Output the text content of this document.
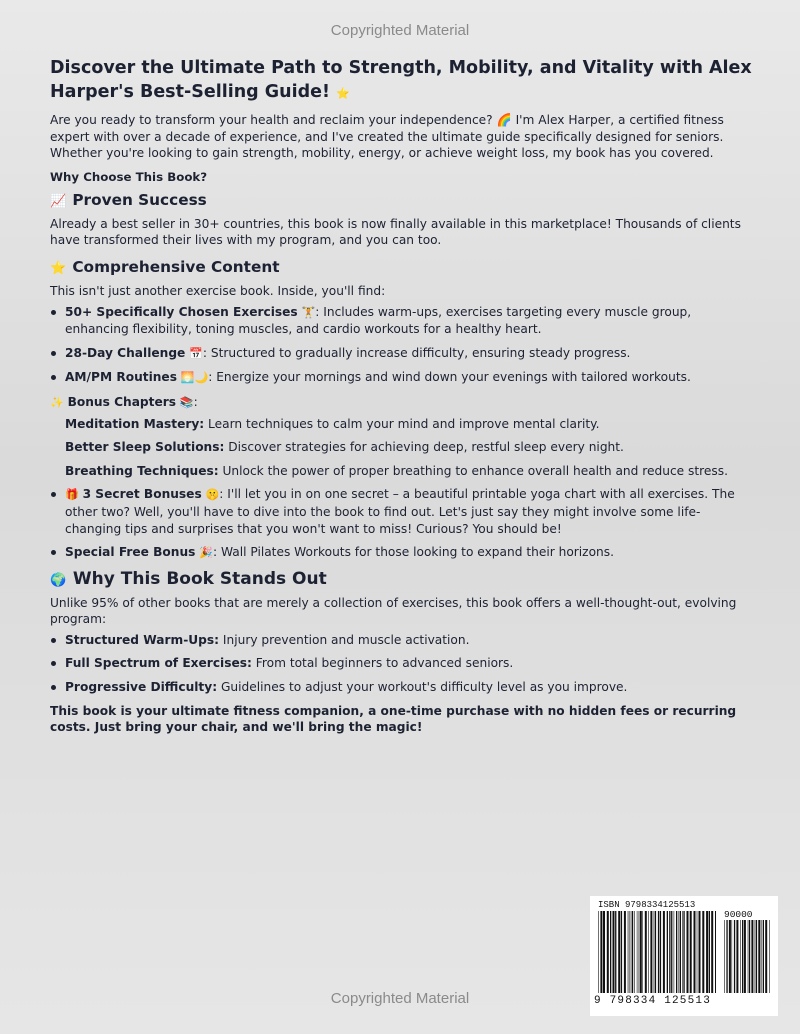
Copyrighted Material
Discover the Ultimate Path to Strength, Mobility, and Vitality with Alex Harper's Best-Selling Guide! ⭐

Are you ready to transform your health and reclaim your independence? 🌈 I'm Alex Harper, a certified fitness expert with over a decade of experience, and I've created the ultimate guide specifically designed for seniors. Whether you're looking to gain strength, mobility, energy, or achieve weight loss, my book has you covered.

Why Choose This Book?

📈 Proven Success

Already a best seller in 30+ countries, this book is now finally available in this marketplace! Thousands of clients have transformed their lives with my program, and you can too.

⭐ Comprehensive Content

This isn't just another exercise book. Inside, you'll find:

50+ Specifically Chosen Exercises 🏋: Includes warm-ups, exercises targeting every muscle group, enhancing flexibility, toning muscles, and cardio workouts for a healthy heart.
28-Day Challenge 📅: Structured to gradually increase difficulty, ensuring steady progress.
AM/PM Routines 🌅🌙: Energize your mornings and wind down your evenings with tailored workouts.
✨ Bonus Chapters 📚:

Meditation Mastery: Learn techniques to calm your mind and improve mental clarity.

Better Sleep Solutions: Discover strategies for achieving deep, restful sleep every night.

Breathing Techniques: Unlock the power of proper breathing to enhance overall health and reduce stress.

🎁 3 Secret Bonuses 🤫: I'll let you in on one secret – a beautiful printable yoga chart with all exercises. The other two? Well, you'll have to dive into the book to find out. Let's just say they might involve some life-changing tips and surprises that you won't want to miss! Curious? You should be!
Special Free Bonus 🎉: Wall Pilates Workouts for those looking to expand their horizons.
🌍 Why This Book Stands Out

Unlike 95% of other books that are merely a collection of exercises, this book offers a well-thought-out, evolving program:

Structured Warm-Ups: Injury prevention and muscle activation.
Full Spectrum of Exercises: From total beginners to advanced seniors.
Progressive Difficulty: Guidelines to adjust your workout's difficulty level as you improve.

This book is your ultimate fitness companion, a one-time purchase with no hidden fees or recurring costs. Just bring your chair, and we'll bring the magic!

ISBN 9798334125513
90000
9 798334 125513
Copyrighted Material
